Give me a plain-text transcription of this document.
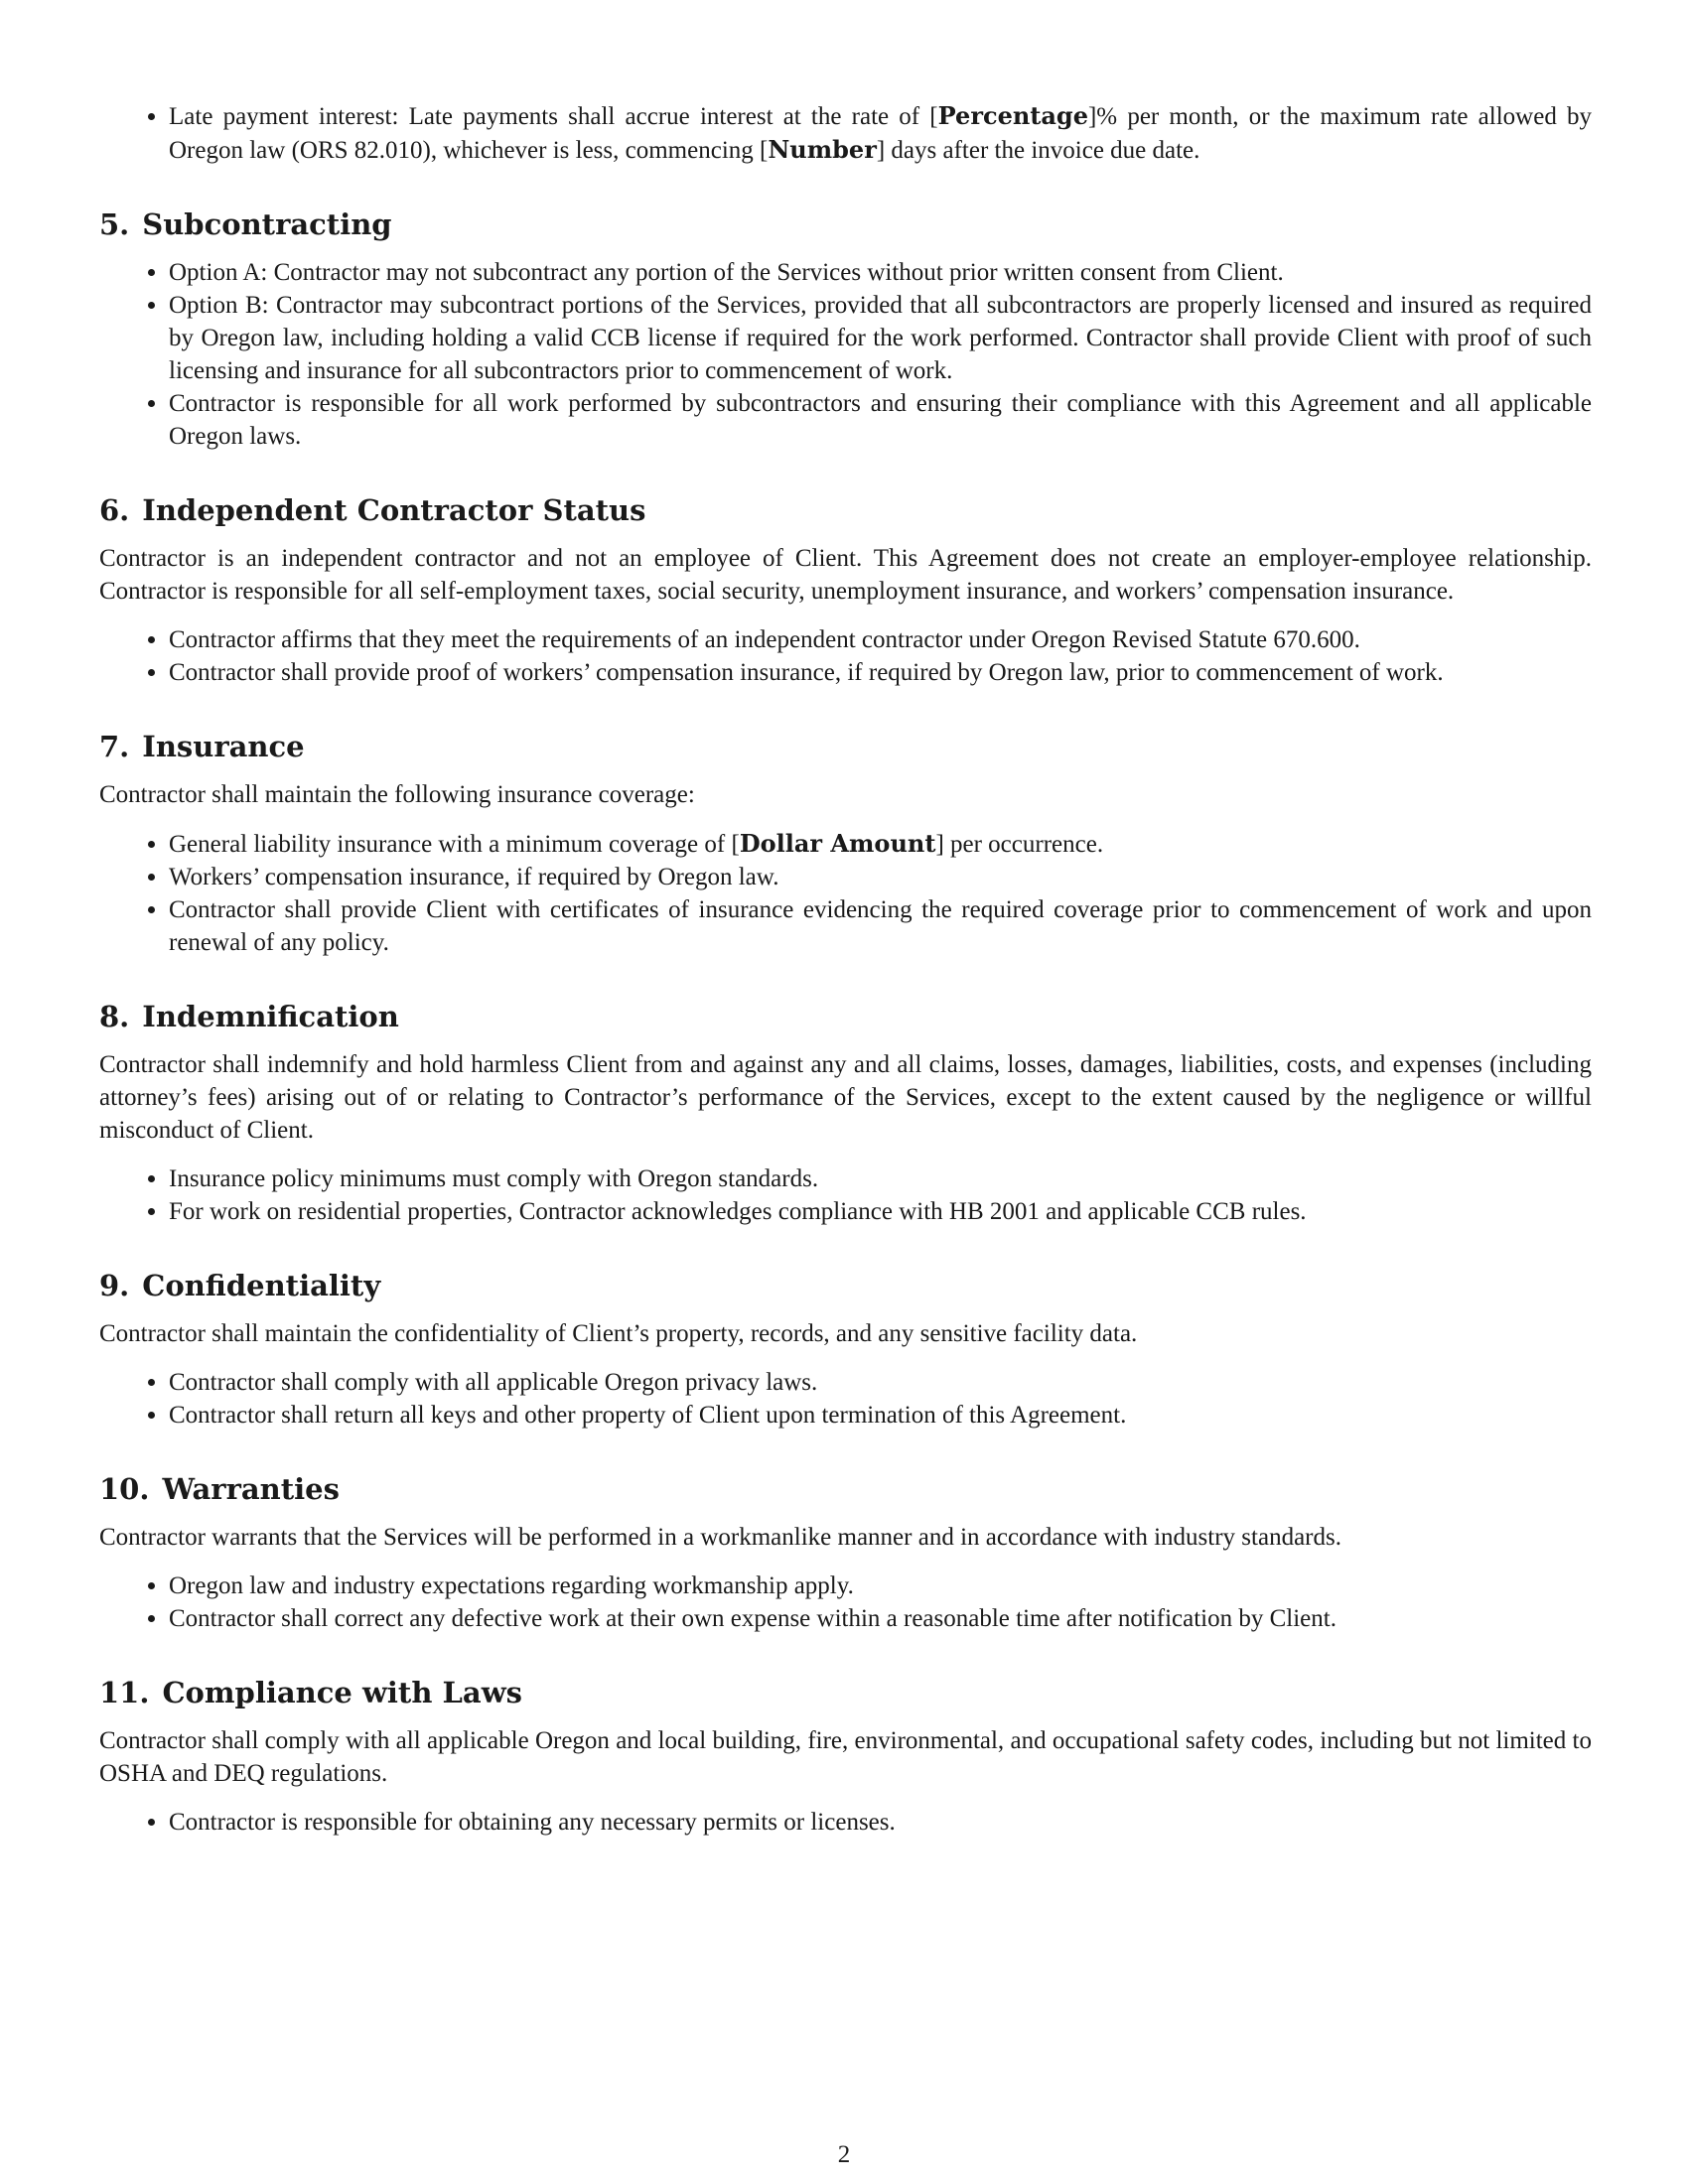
• Late payment interest: Late payments shall accrue interest at the rate of [Percentage]% per month, or the maximum rate allowed by Oregon law (ORS 82.010), whichever is less, commencing [Number] days after the invoice due date.
5. Subcontracting
• Option A: Contractor may not subcontract any portion of the Services without prior written consent from Client.
• Option B: Contractor may subcontract portions of the Services, provided that all subcontractors are properly licensed and insured as required by Oregon law, including holding a valid CCB license if required for the work performed. Contractor shall provide Client with proof of such licensing and insurance for all subcontractors prior to commencement of work.
• Contractor is responsible for all work performed by subcontractors and ensuring their compliance with this Agreement and all applicable Oregon laws.
6. Independent Contractor Status

Contractor is an independent contractor and not an employee of Client. This Agreement does not create an employer-employee relationship. Contractor is responsible for all self-employment taxes, social security, unemployment insurance, and workers’ compensation insurance.

• Contractor affirms that they meet the requirements of an independent contractor under Oregon Revised Statute 670.600.
• Contractor shall provide proof of workers’ compensation insurance, if required by Oregon law, prior to commencement of work.
7. Insurance

Contractor shall maintain the following insurance coverage:

• General liability insurance with a minimum coverage of [Dollar Amount] per occurrence.
• Workers’ compensation insurance, if required by Oregon law.
• Contractor shall provide Client with certificates of insurance evidencing the required coverage prior to commencement of work and upon renewal of any policy.
8. Indemnification

Contractor shall indemnify and hold harmless Client from and against any and all claims, losses, damages, liabilities, costs, and expenses (including attorney’s fees) arising out of or relating to Contractor’s performance of the Services, except to the extent caused by the negligence or willful misconduct of Client.

• Insurance policy minimums must comply with Oregon standards.
• For work on residential properties, Contractor acknowledges compliance with HB 2001 and applicable CCB rules.
9. Confidentiality

Contractor shall maintain the confidentiality of Client’s property, records, and any sensitive facility data.

• Contractor shall comply with all applicable Oregon privacy laws.
• Contractor shall return all keys and other property of Client upon termination of this Agreement.
10. Warranties

Contractor warrants that the Services will be performed in a workmanlike manner and in accordance with industry standards.

• Oregon law and industry expectations regarding workmanship apply.
• Contractor shall correct any defective work at their own expense within a reasonable time after notification by Client.
11. Compliance with Laws

Contractor shall comply with all applicable Oregon and local building, fire, environmental, and occupational safety codes, including but not limited to OSHA and DEQ regulations.

• Contractor is responsible for obtaining any necessary permits or licenses.
2
